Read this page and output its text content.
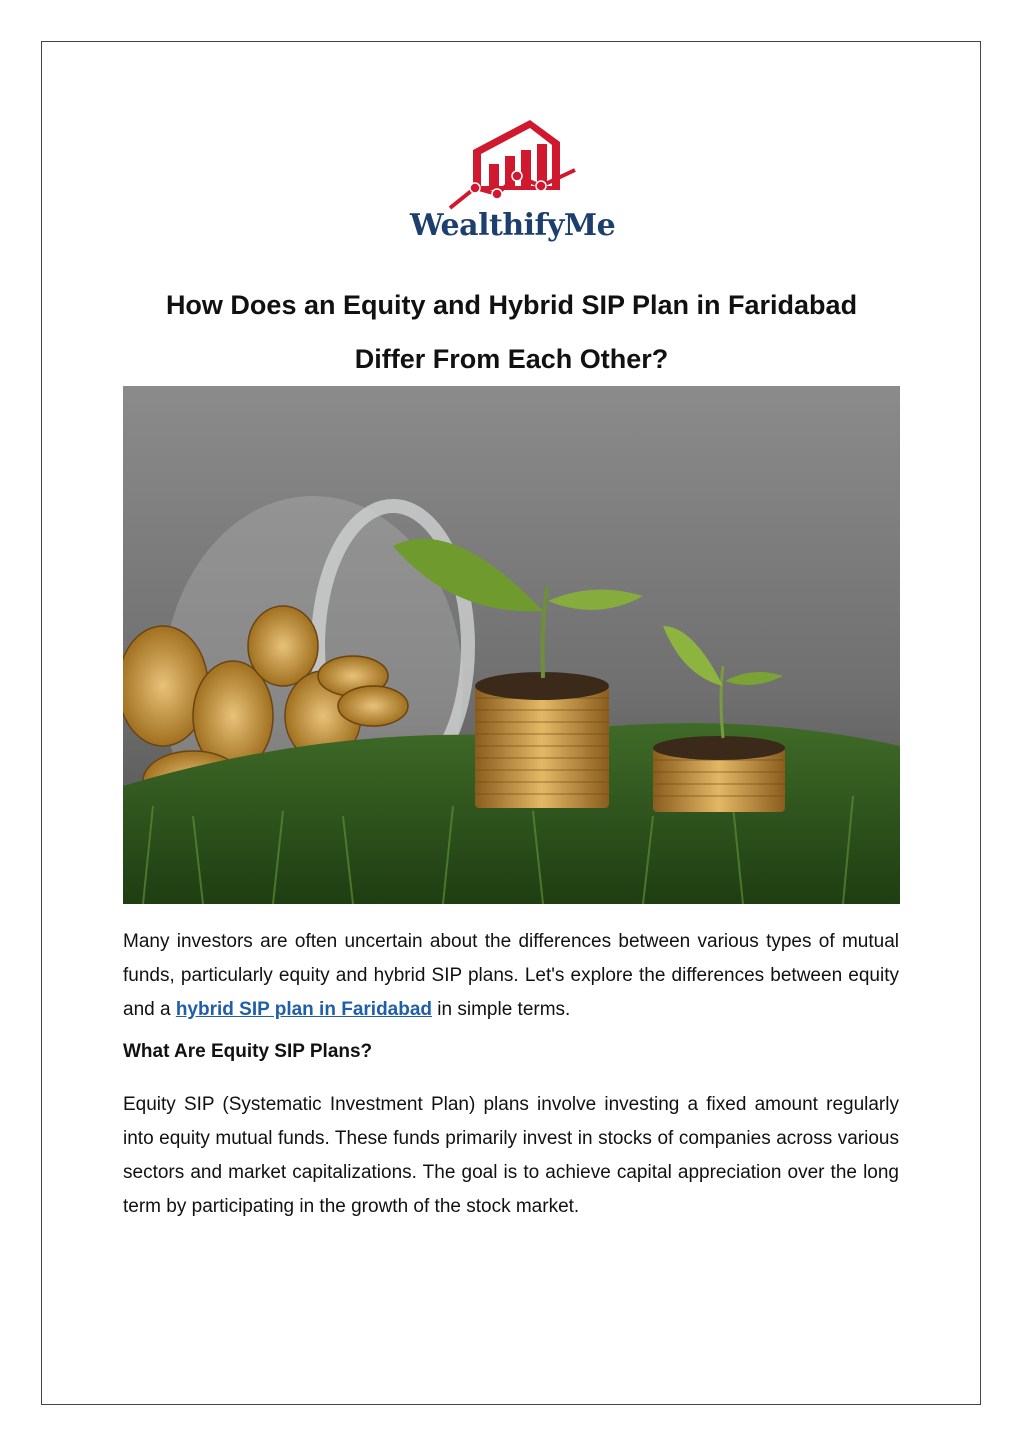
WealthifyMe
How Does an Equity and Hybrid SIP Plan in Faridabad
Differ From Each Other?
Many investors are often uncertain about the differences between various types of mutual funds, particularly equity and hybrid SIP plans. Let's explore the differences between equity and a hybrid SIP plan in Faridabad in simple terms.
What Are Equity SIP Plans?
Equity SIP (Systematic Investment Plan) plans involve investing a fixed amount regularly into equity mutual funds. These funds primarily invest in stocks of companies across various sectors and market capitalizations. The goal is to achieve capital appreciation over the long term by participating in the growth of the stock market.
